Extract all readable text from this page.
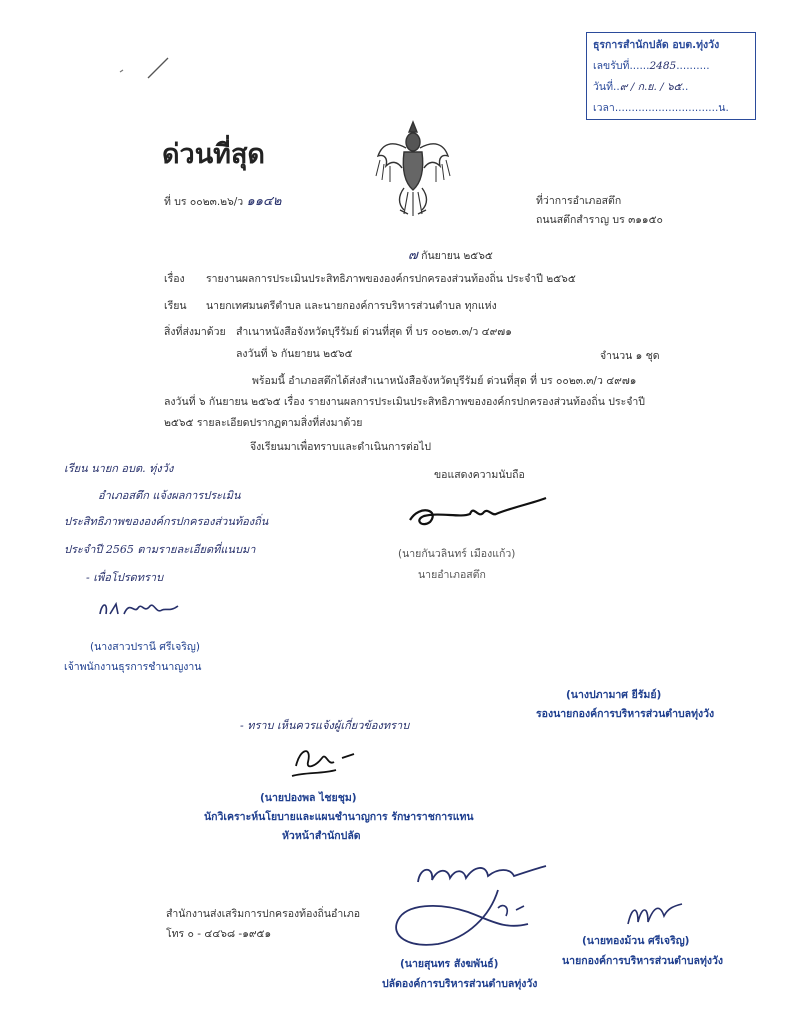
ธุรการสำนักปลัด อบต.ทุ่งวัง
เลขรับที่......2485..........
วันที่..๙ / ก.ย. / ๖๕..
เวลา...............................น.
ด่วนที่สุด
ที่ บร ๐๐๒๓.๒๖/ว ๑๑๔๒	ที่ว่าการอำเภอสตึก
ถนนสตึกสำราญ บร ๓๑๑๕๐
๗ กันยายน ๒๕๖๕
เรื่อง รายงานผลการประเมินประสิทธิภาพขององค์กรปกครองส่วนท้องถิ่น ประจำปี ๒๕๖๕
เรียน นายกเทศมนตรีตำบล และนายกองค์การบริหารส่วนตำบล ทุกแห่ง
สิ่งที่ส่งมาด้วย สำเนาหนังสือจังหวัดบุรีรัมย์ ด่วนที่สุด ที่ บร ๐๐๒๓.๓/ว ๔๙๗๑
ลงวันที่ ๖ กันยายน ๒๕๖๕	จำนวน ๑ ชุด
พร้อมนี้ อำเภอสตึกได้ส่งสำเนาหนังสือจังหวัดบุรีรัมย์ ด่วนที่สุด ที่ บร ๐๐๒๓.๓/ว ๔๙๗๑
ลงวันที่ ๖ กันยายน ๒๕๖๕ เรื่อง รายงานผลการประเมินประสิทธิภาพขององค์กรปกครองส่วนท้องถิ่น ประจำปี
๒๕๖๕ รายละเอียดปรากฏตามสิ่งที่ส่งมาด้วย
จึงเรียนมาเพื่อทราบและดำเนินการต่อไป
ขอแสดงความนับถือ
(นายกันวลินทร์ เมืองแก้ว)
นายอำเภอสตึก
เรียน นายก อบต. ทุ่งวัง
อำเภอสตึก แจ้งผลการประเมิน
ประสิทธิภาพขององค์กรปกครองส่วนท้องถิ่น
ประจำปี 2565 ตามรายละเอียดที่แนบมา
- เพื่อโปรดทราบ
(นางสาวปรานี ศรีเจริญ)
เจ้าพนักงานธุรการชำนาญงาน
(นางปภามาศ ยีรัมย์)
รองนายกองค์การบริหารส่วนตำบลทุ่งวัง
- ทราบ เห็นควรแจ้งผู้เกี่ยวข้องทราบ
(นายปองพล ไชยชุม)
นักวิเคราะห์นโยบายและแผนชำนาญการ รักษาราชการแทน
หัวหน้าสำนักปลัด
สำนักงานส่งเสริมการปกครองท้องถิ่นอำเภอ
โทร ๐ - ๔๔๖๘ -๑๙๕๑
(นายสุนทร สังฆพันธ์)
ปลัดองค์การบริหารส่วนตำบลทุ่งวัง
(นายทองม้วน ศรีเจริญ)
นายกองค์การบริหารส่วนตำบลทุ่งวัง
